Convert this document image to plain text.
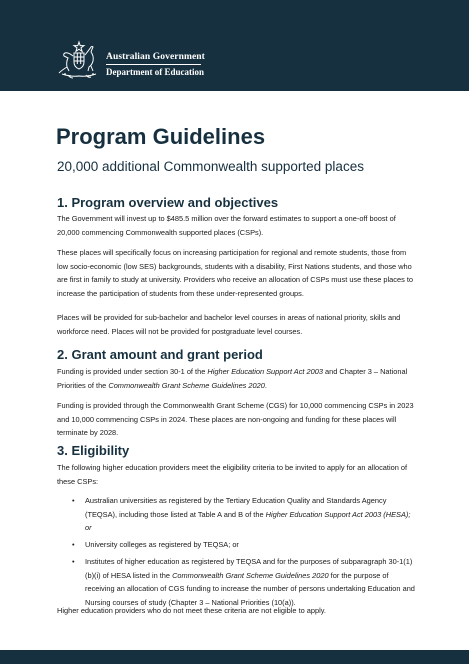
Australian Government
Department of Education
Program Guidelines
20,000 additional Commonwealth supported places
1. Program overview and objectives

The Government will invest up to $485.5 million over the forward estimates to support a one-off boost of 20,000 commencing Commonwealth supported places (CSPs).

These places will specifically focus on increasing participation for regional and remote students, those from low socio-economic (low SES) backgrounds, students with a disability, First Nations students, and those who are first in family to study at university. Providers who receive an allocation of CSPs must use these places to increase the participation of students from these under-represented groups.

Places will be provided for sub-bachelor and bachelor level courses in areas of national priority, skills and workforce need. Places will not be provided for postgraduate level courses.

2. Grant amount and grant period

Funding is provided under section 30-1 of the Higher Education Support Act 2003 and Chapter 3 – National Priorities of the Commonwealth Grant Scheme Guidelines 2020.

Funding is provided through the Commonwealth Grant Scheme (CGS) for 10,000 commencing CSPs in 2023 and 10,000 commencing CSPs in 2024. These places are non-ongoing and funding for these places will terminate by 2028.

3. Eligibility

The following higher education providers meet the eligibility criteria to be invited to apply for an allocation of these CSPs:

• Australian universities as registered by the Tertiary Education Quality and Standards Agency (TEQSA), including those listed at Table A and B of the Higher Education Support Act 2003 (HESA); or
• University colleges as registered by TEQSA; or
• Institutes of higher education as registered by TEQSA and for the purposes of subparagraph 30-1(1)(b)(i) of HESA listed in the Commonwealth Grant Scheme Guidelines 2020 for the purpose of receiving an allocation of CGS funding to increase the number of persons undertaking Education and Nursing courses of study (Chapter 3 – National Priorities (10(a)).

Higher education providers who do not meet these criteria are not eligible to apply.
